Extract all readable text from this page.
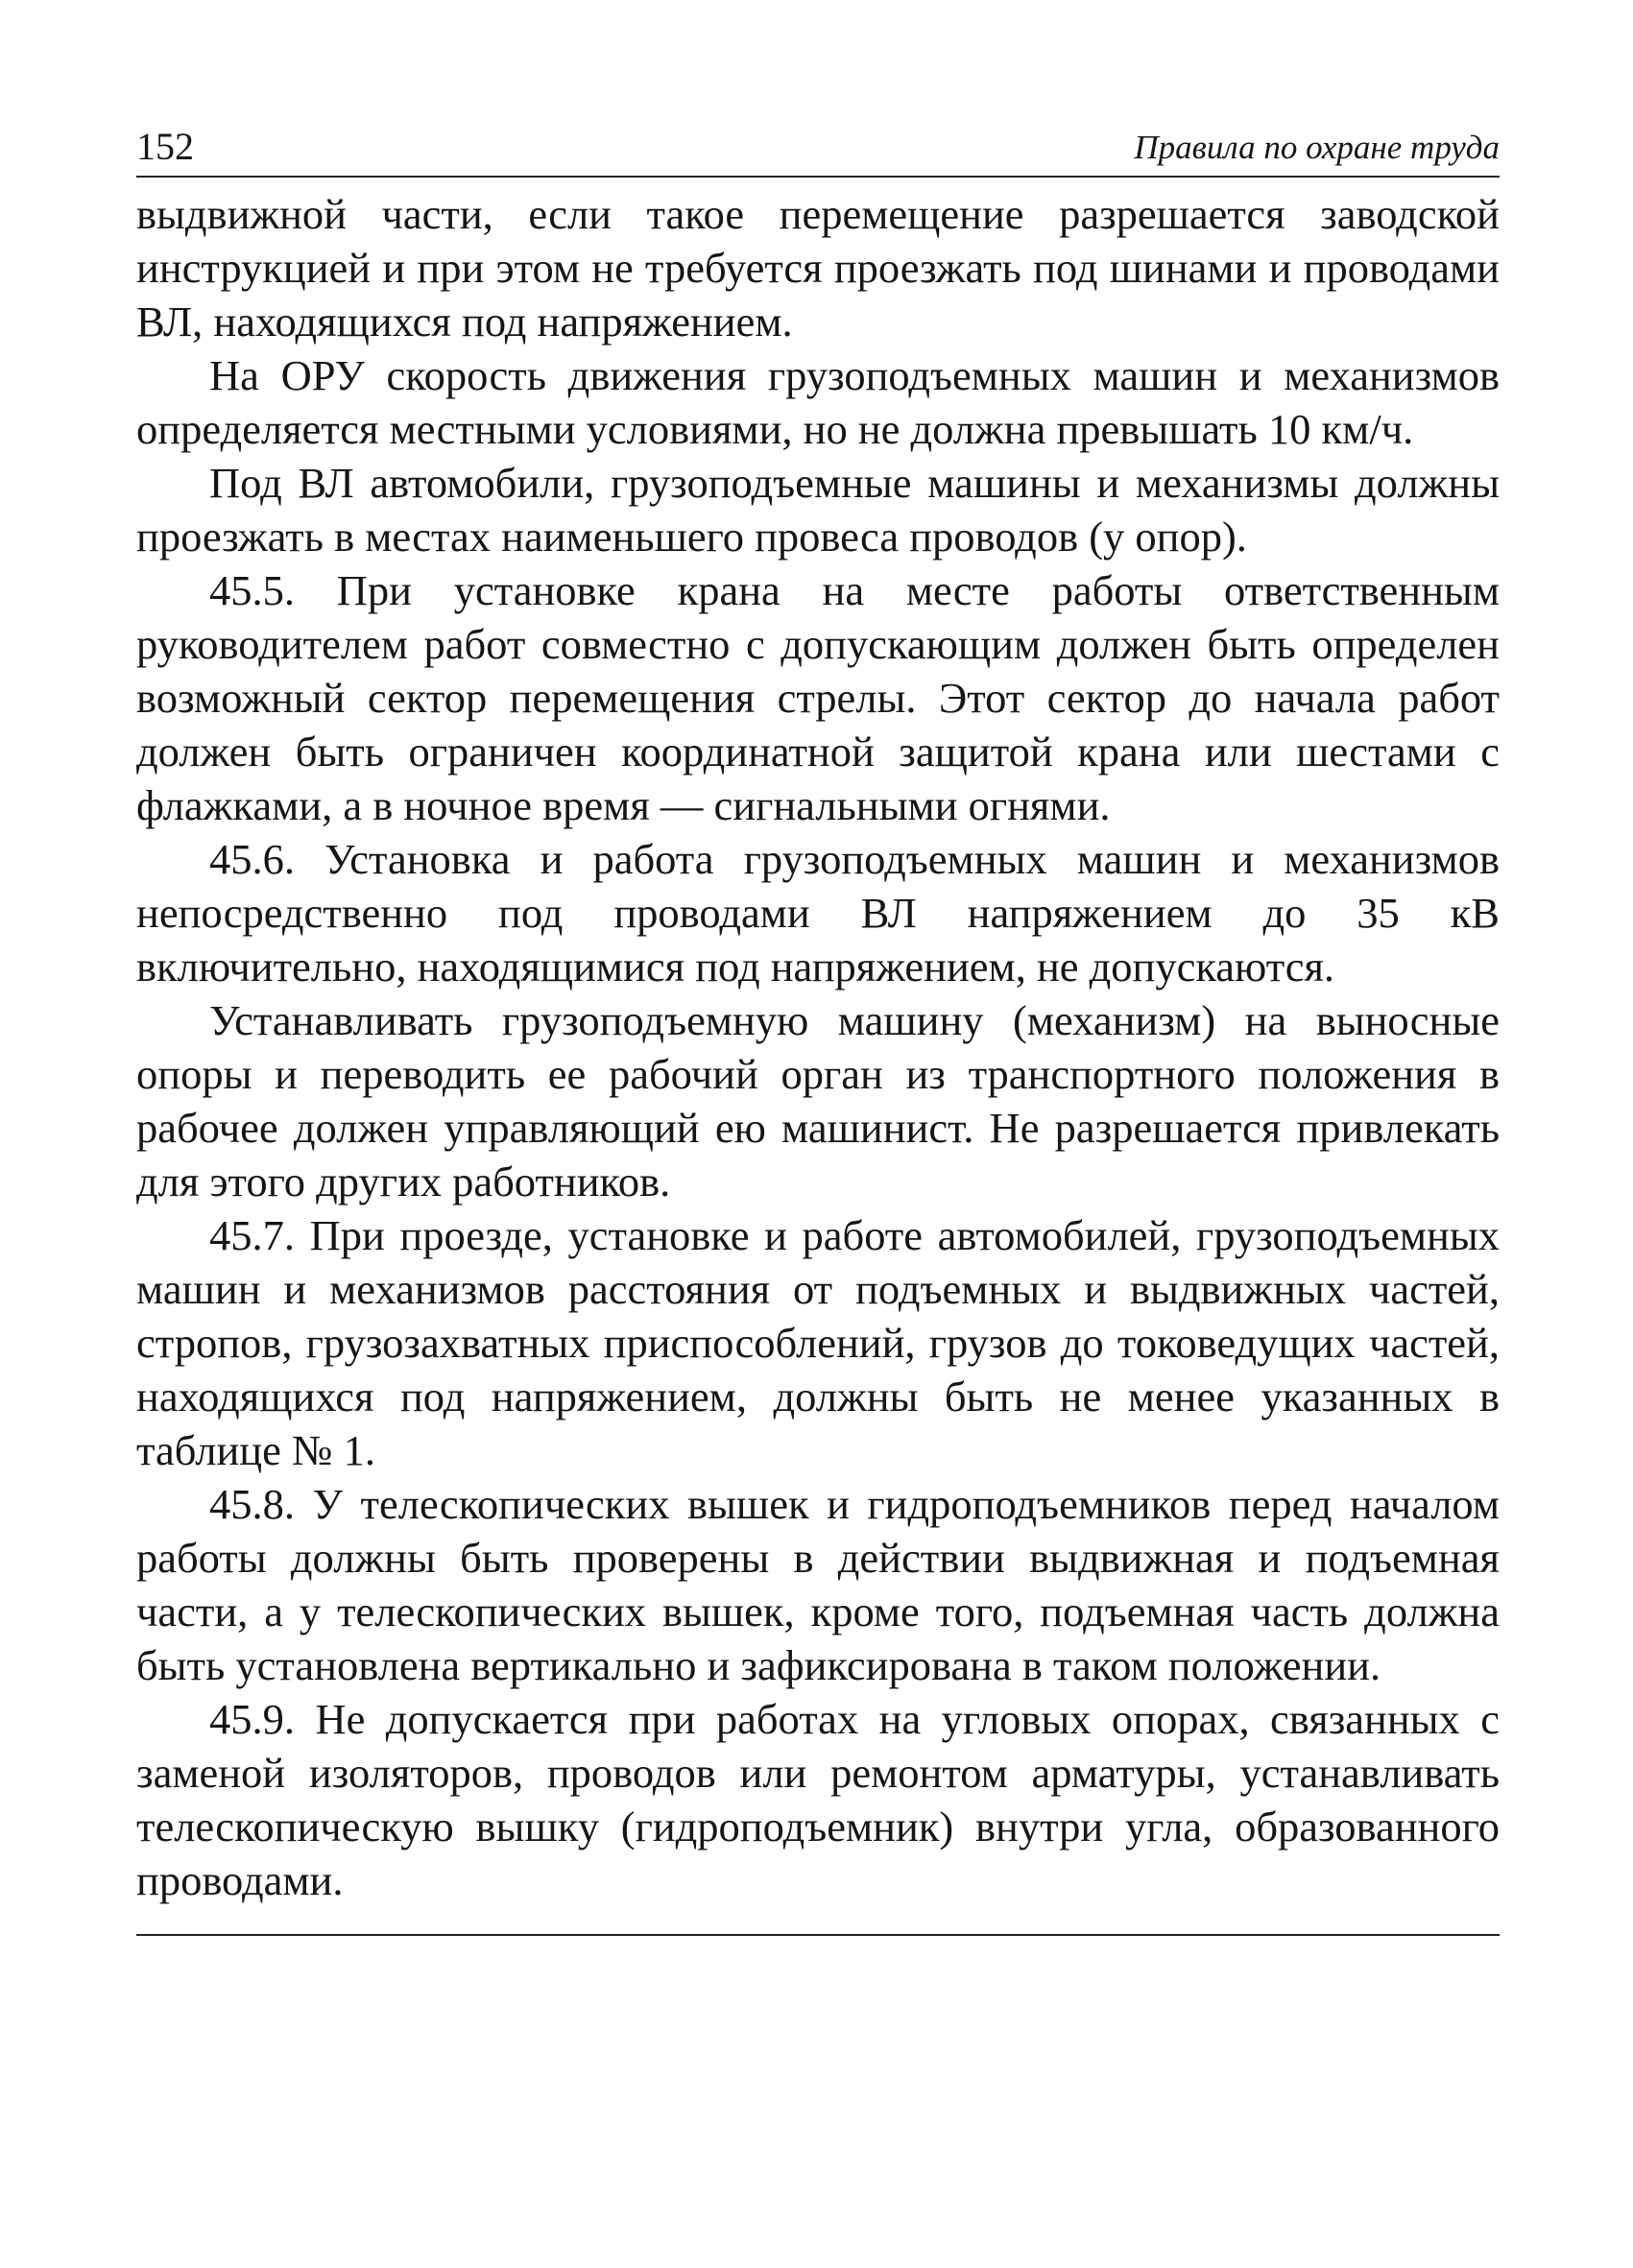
152	Правила по охране труда

выдвижной части, если такое перемещение разрешается заводской инструкцией и при этом не требуется проезжать под шинами и проводами ВЛ, находящихся под напряжением.

На ОРУ скорость движения грузоподъемных машин и механизмов определяется местными условиями, но не должна превышать 10 км/ч.

Под ВЛ автомобили, грузоподъемные машины и механизмы должны проезжать в местах наименьшего провеса проводов (у опор).

45.5. При установке крана на месте работы ответственным руководителем работ совместно с допускающим должен быть определен возможный сектор перемещения стрелы. Этот сектор до начала работ должен быть ограничен координатной защитой крана или шестами с флажками, а в ночное время — сигнальными огнями.

45.6. Установка и работа грузоподъемных машин и механизмов непосредственно под проводами ВЛ напряжением до 35 кВ включительно, находящимися под напряжением, не допускаются.

Устанавливать грузоподъемную машину (механизм) на выносные опоры и переводить ее рабочий орган из транспортного положения в рабочее должен управляющий ею машинист. Не разрешается привлекать для этого других работников.

45.7. При проезде, установке и работе автомобилей, грузоподъемных машин и механизмов расстояния от подъемных и выдвижных частей, стропов, грузозахватных приспособлений, грузов до токоведущих частей, находящихся под напряжением, должны быть не менее указанных в таблице № 1.

45.8. У телескопических вышек и гидроподъемников перед началом работы должны быть проверены в действии выдвижная и подъемная части, а у телескопических вышек, кроме того, подъемная часть должна быть установлена вертикально и зафиксирована в таком положении.

45.9. Не допускается при работах на угловых опорах, связанных с заменой изоляторов, проводов или ремонтом арматуры, устанавливать телескопическую вышку (гидроподъемник) внутри угла, образованного проводами.
